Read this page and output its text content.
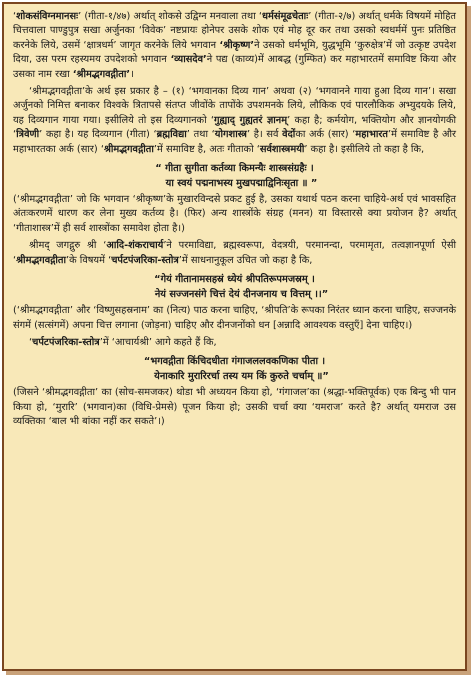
‘शोकसंविग्नमानसः’ (गीता-१/४७) अर्थात् शोकसे उद्विग्न मनवाला तथा ‘धर्मसंमूढचेताः’ (गीता-२/७) अर्थात् धर्मके विषयमें मोहित चित्तवाला पाण्डुपुत्र सखा अर्जुनका ‘विवेक’ नष्टप्रायः होनेपर उसके शोक एवं मोह दूर कर तथा उसको स्वधर्ममें पुनः प्रतिष्ठित करनेके लिये, उसमें ‘क्षात्रधर्म’ जागृत करनेके लिये भगवान ‘श्रीकृष्ण’ने उसको धर्मभूमि, युद्धभूमि ‘कुरुक्षेत्र’में जो उत्कृष्ट उपदेश दिया, उस परम रहस्यमय उपदेशको भगवान ‘व्यासदेव’ने पद्य (काव्य)में आबद्ध (गुम्फित) कर महाभारतमें समाविष्ट किया और उसका नाम रखा ‘श्रीमद्भगवद्गीता’।

‘श्रीमद्भगवद्गीता’के अर्थ इस प्रकार है – (१) ‘भगवानका दिव्य गान’ अथवा (२) ‘भगवानने गाया हुआ दिव्य गान’। सखा अर्जुनको निमित्त बनाकर विश्वके त्रितापसे संतप्त जीवोंके तापोंके उपशमनके लिये, लौकिक एवं पारलौकिक अभ्युदयके लिये, यह दिव्यगान गाया गया। इसीलिये तो इस दिव्यगानको ‘गुह्याद् गुह्यतरं ज्ञानम्’ कहा है; कर्मयोग, भक्तियोग और ज्ञानयोगकी ‘त्रिवेणी’ कहा है। यह दिव्यगान (गीता) ‘ब्रह्मविद्या’ तथा ‘योगशास्त्र’ है। सर्व वेदोंका अर्क (सार) ‘महाभारत’में समाविष्ट है और महाभारतका अर्क (सार) ‘श्रीमद्भगवद्गीता’में समाविष्ट है, अतः गीताको ‘सर्वशास्त्रमयी’ कहा है। इसीलिये तो कहा है कि,

“ गीता सुगीता कर्तव्या किमन्यैः शास्त्रसंग्रहैः ।
या स्वयं पद्मनाभस्य मुखपद्माद्विनिःसृता ॥ ”

(‘श्रीमद्भगवद्गीता’ जो कि भगवान ‘श्रीकृष्ण’के मुखारविन्दसे प्रकट हुई है, उसका यथार्थ पठन करना चाहिये-अर्थ एवं भावसहित अंतःकरणमें धारण कर लेना मुख्य कर्तव्य है। (फिर) अन्य शास्त्रोंके संग्रह (मनन) या विस्तारसे क्या प्रयोजन है? अर्थात् ‘गीताशास्त्र’में ही सर्व शास्त्रोंका समावेश होता है।)

श्रीमद् जगद्गुरु श्री ‘आदि-शंकराचार्य’ने परमाविद्या, ब्रह्मस्वरूपा, वेदत्रयी, परमानन्दा, परमामृता, तत्वज्ञानपूर्णा ऐसी ‘श्रीमद्भगवद्गीता’के विषयमें ‘चर्पटपंजरिका-स्तोत्र’में साधनानुकूल उचित जो कहा है कि,

“गेयं गीतानामसहस्रं ध्येयं श्रीपतिरूपमजस्रम् ।
नेयं सज्जनसंगे चित्तं देयं दीनजनाय च वित्तम् ।।”

(‘श्रीमद्भगवद्गीता’ और ‘विष्णुसहस्रनाम’ का (नित्य) पाठ करना चाहिए, ‘श्रीपति’के रूपका निरंतर ध्यान करना चाहिए, सज्जनके संगमें (सत्संगमें) अपना चित्त लगाना (जोड़ना) चाहिए और दीनजनोंको धन [अन्नादि आवश्यक वस्तुएँ] देना चाहिए।)

‘चर्पटपंजरिका-स्तोत्र’में ‘आचार्यश्री’ आगे कहते हैं कि,

“भगवद्गीता किंचिदधीता गंगाजललवकणिका पीता ।
येनाकारि मुरारिरर्चा तस्य यम किं कुरुते चर्चाम् ॥”

(जिसने ‘श्रीमद्भगवद्गीता’ का (सोच-समजकर) थोडा भी अध्ययन किया हो, ‘गंगाजल’का (श्रद्धा-भक्तिपूर्वक) एक बिन्दु भी पान किया हो, ‘मुरारि’ (भगवान)का (विधि-प्रेमसे) पूजन किया हो; उसकी चर्चा क्या ‘यमराज’ करते है? अर्थात् यमराज उस व्यक्तिका ‘बाल भी बांका नहीं कर सकते’।)
